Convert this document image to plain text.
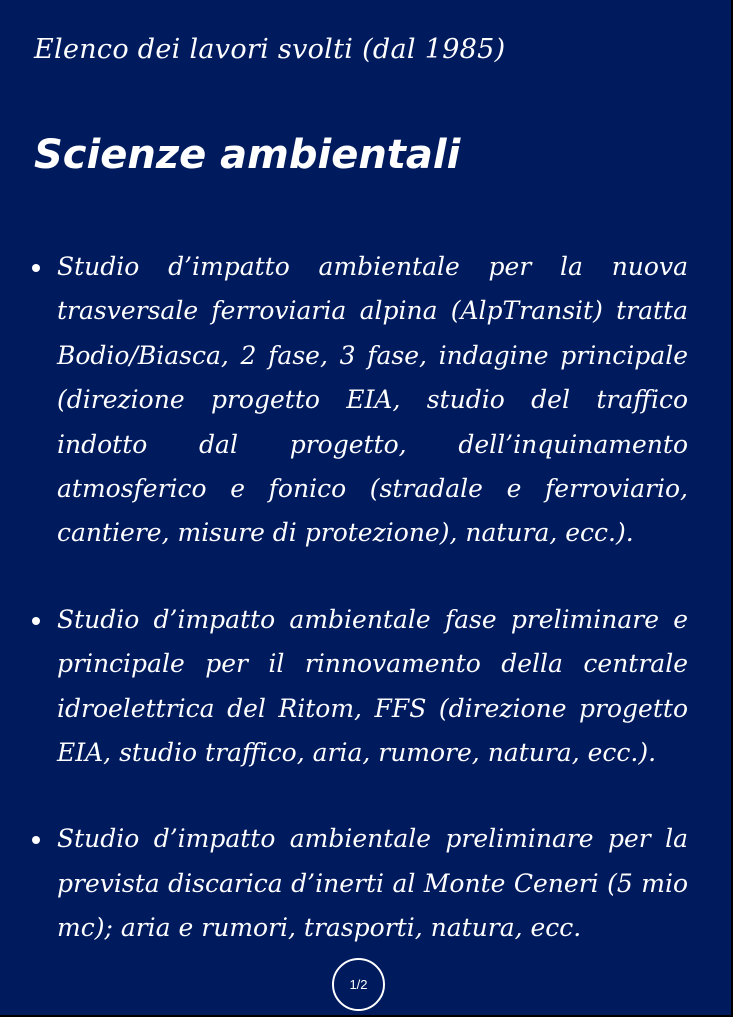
Elenco dei lavori svolti (dal 1985)
Scienze ambientali
Studio d’impatto ambientale per la nuova trasversale ferroviaria alpina (AlpTransit) tratta Bodio/Biasca, 2 fase, 3 fase, indagine principale (direzione progetto EIA, studio del traffico indotto dal progetto, dell’inquinamento atmosferico e fonico (stradale e ferroviario, cantiere, misure di protezione), natura, ecc.).
Studio d’impatto ambientale fase preliminare e principale per il rinnovamento della centrale idroelettrica del Ritom, FFS (direzione progetto EIA, studio traffico, aria, rumore, natura, ecc.).
Studio d’impatto ambientale preliminare per la prevista discarica d’inerti al Monte Ceneri (5 mio mc); aria e rumori, trasporti, natura, ecc.
1/2
